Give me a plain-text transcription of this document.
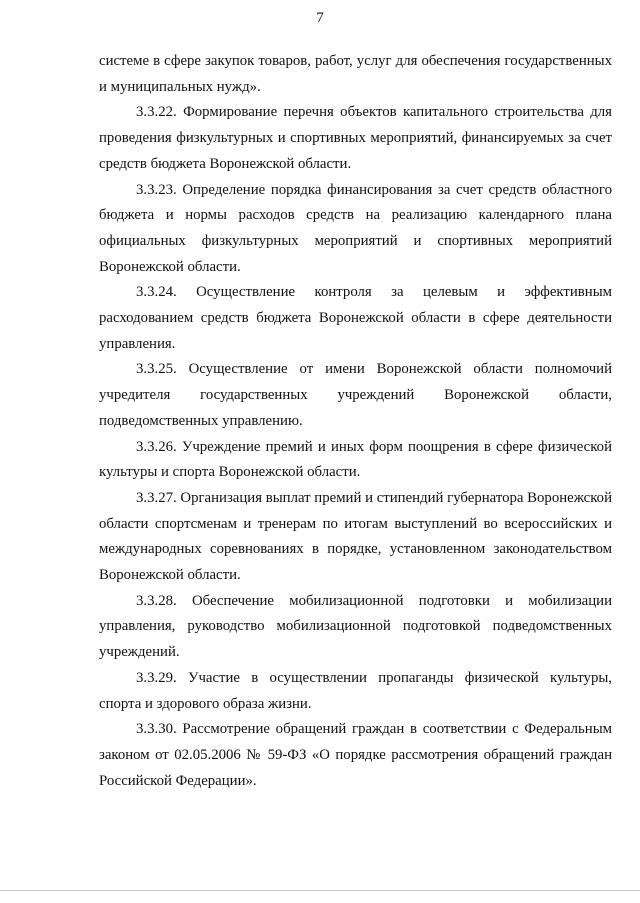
7

системе в сфере закупок товаров, работ, услуг для обеспечения государственных и муниципальных нужд».

3.3.22. Формирование перечня объектов капитального строительства для проведения физкультурных и спортивных мероприятий, финансируемых за счет средств бюджета Воронежской области.

3.3.23. Определение порядка финансирования за счет средств областного бюджета и нормы расходов средств на реализацию календарного плана официальных физкультурных мероприятий и спортивных мероприятий Воронежской области.

3.3.24. Осуществление контроля за целевым и эффективным расходованием средств бюджета Воронежской области в сфере деятельности управления.

3.3.25. Осуществление от имени Воронежской области полномочий учредителя государственных учреждений Воронежской области, подведомственных управлению.

3.3.26. Учреждение премий и иных форм поощрения в сфере физической культуры и спорта Воронежской области.

3.3.27. Организация выплат премий и стипендий губернатора Воронежской области спортсменам и тренерам по итогам выступлений во всероссийских и международных соревнованиях в порядке, установленном законодательством Воронежской области.

3.3.28. Обеспечение мобилизационной подготовки и мобилизации управления, руководство мобилизационной подготовкой подведомственных учреждений.

3.3.29. Участие в осуществлении пропаганды физической культуры, спорта и здорового образа жизни.

3.3.30. Рассмотрение обращений граждан в соответствии с Федеральным законом от 02.05.2006 № 59-ФЗ «О порядке рассмотрения обращений граждан Российской Федерации».
